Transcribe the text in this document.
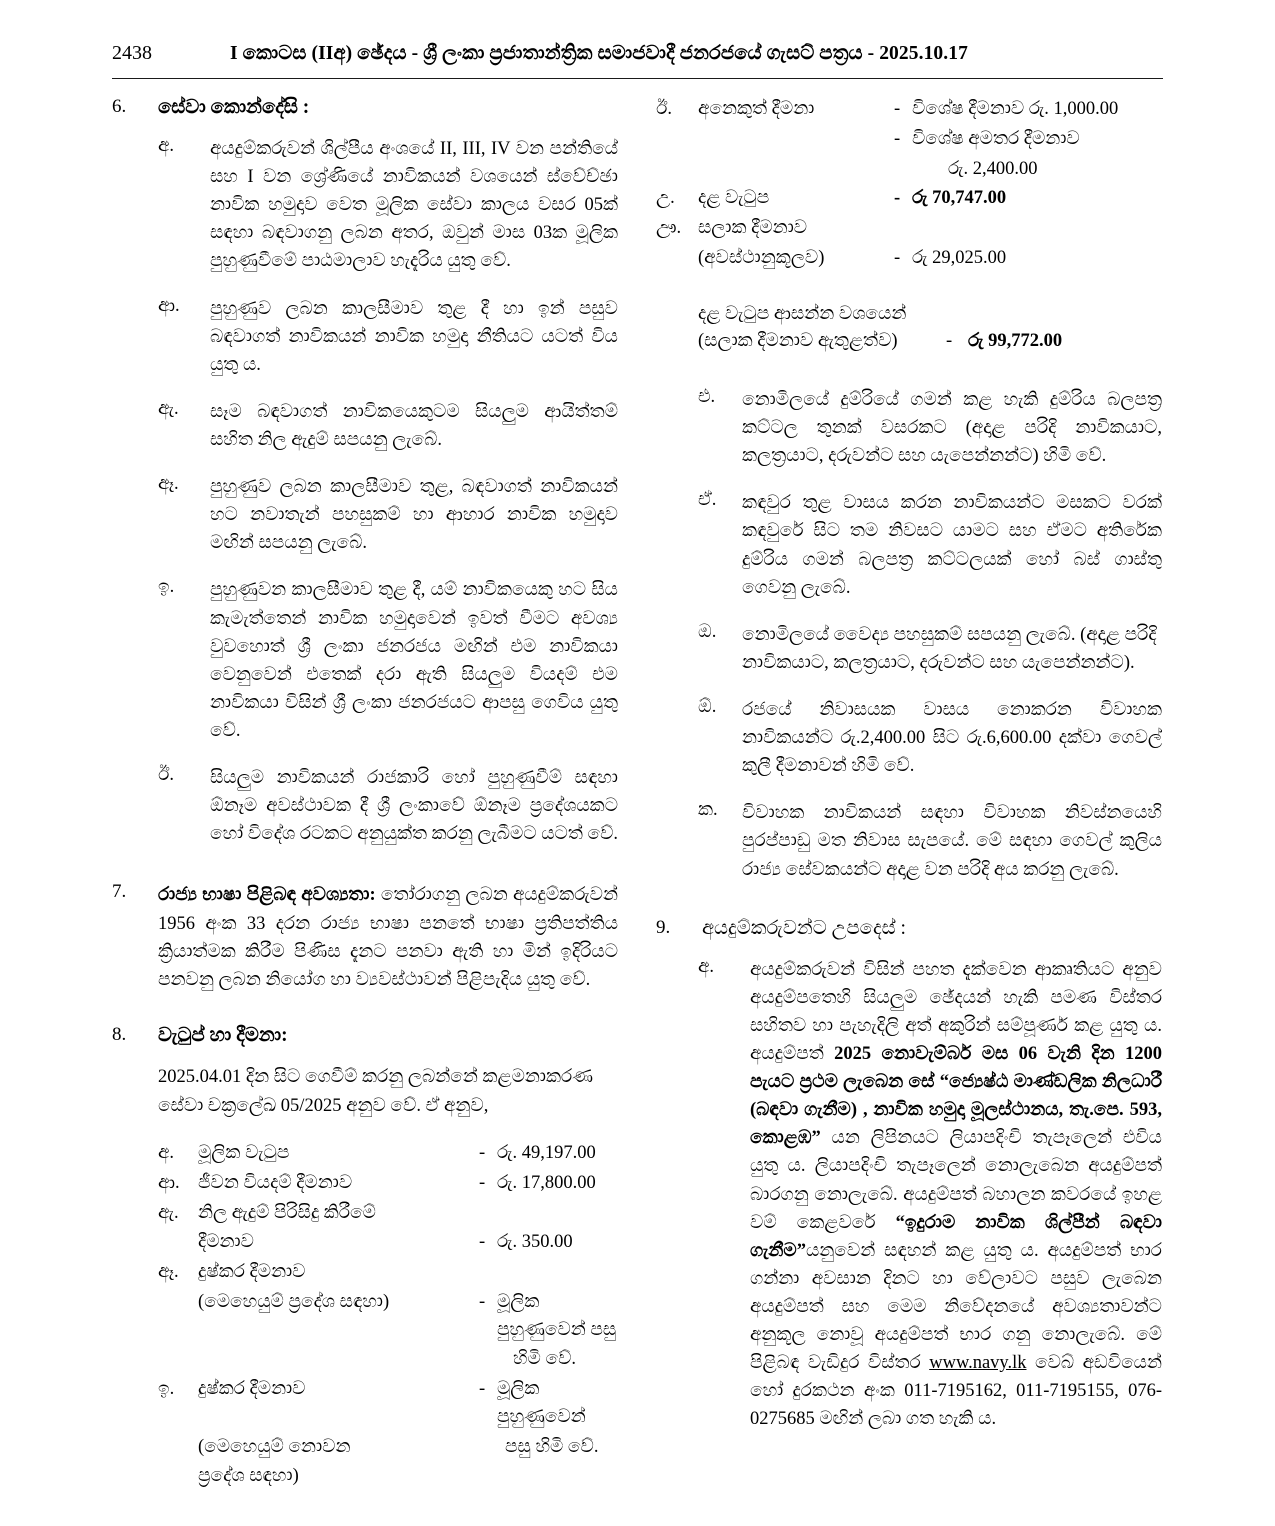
2438	I කොටස (IIඅ) ඡේදය - ශ්‍රී ලංකා ප්‍රජාතාන්ත්‍රික සමාජවාදී ජනරජයේ ගැසට් පත්‍රය - 2025.10.17
6.	සේවා කොන්දේසි :
අ.	අයදුම්කරුවන් ශිල්පීය අංශයේ II, III, IV වන පන්තියේ සහ I වන ශ්‍රේණියේ නාවිකයන් වශයෙන් ස්වේච්ඡා නාවික හමුදාව වෙත මූලික සේවා කාලය වසර 05ක් සඳහා බඳවාගනු ලබන අතර, ඔවුන් මාස 03ක මූලික පුහුණුවීමේ පාඨමාලාව හැදැරිය යුතු වේ.
ආ.	පුහුණුව ලබන කාලසීමාව තුළ දී හා ඉන් පසුව බඳවාගත් නාවිකයන් නාවික හමුදා නීතියට යටත් විය යුතු ය.
ඇ.	සෑම බඳවාගත් නාවිකයෙකුටම සියලුම ආයිත්තම් සහිත නිල ඇදුම් සපයනු ලැබේ.
ඈ.	පුහුණුව ලබන කාලසීමාව තුළ, බඳවාගත් නාවිකයන් හට නවාතැන් පහසුකම් හා ආහාර නාවික හමුදාව මඟින් සපයනු ලැබේ.
ඉ.	පුහුණුවන කාලසීමාව තුළ දී, යම් නාවිකයෙකු හට සිය කැමැත්තෙන් නාවික හමුදාවෙන් ඉවත් වීමට අවශ්‍ය වුවහොත් ශ්‍රී ලංකා ජනරජය මඟින් එම නාවිකයා වෙනුවෙන් එතෙක් දරා ඇති සියලුම වියදම් එම නාවිකයා විසින් ශ්‍රී ලංකා ජනරජයට ආපසු ගෙවිය යුතු වේ.
ඊ.	සියලුම නාවිකයන් රාජකාරි හෝ පුහුණුවීම් සඳහා ඕනෑම අවස්ථාවක දී ශ්‍රී ලංකාවේ ඕනෑම ප්‍රදේශයකට හෝ විදේශ රටකට අනුයුක්ත කරනු ලැබීමට යටත් වේ.
7.	රාජ්‍ය භාෂා පිළිබඳ අවශ්‍යතා: තෝරාගනු ලබන අයදුම්කරුවන් 1956 අංක 33 දරන රාජ්‍ය භාෂා පනතේ භාෂා ප්‍රතිපත්තිය ක්‍රියාත්මක කිරීම පිණිස දැනට පනවා ඇති හා මින් ඉදිරියට පනවනු ලබන නියෝග හා ව්‍යවස්ථාවන් පිළිපැදිය යුතු වේ.
8.	වැටුප් හා දීමනා:
2025.04.01 දින සිට ගෙවීම් කරනු ලබන්නේ කළමනාකරණ සේවා චක්‍රලේඛ 05/2025 අනුව වේ. ඒ අනුව,
අ.	මූලික වැටුප	- රු. 49,197.00
ආ. ජීවන වියදම් දීමනාව	- රු. 17,800.00
ඇ.	නිල ඇදුම් පිරිසිදු කිරීමේ
දීමනාව	- රු. 350.00
ඈ.	දුෂ්කර දීමනාව
(මෙහෙයුම් ප්‍රදේශ සඳහා)	- මූලික පුහුණුවෙන් පසු
හිමි වේ.
ඉ.	දුෂ්කර දීමනාව	- මූලික පුහුණුවෙන්
(මෙහෙයුම් නොවන	පසු හිමි වේ.
ප්‍රදේශ සඳහා)
ඊ.	අනෙකුත් දීමනා	- විශේෂ දීමනාව රු. 1,000.00
- විශේෂ අමතර දීමනාව
රු. 2,400.00
උ.	දළ වැටුප	- රු 70,747.00
ඌ. සලාක දීමනාව
(අවස්ථානුකූලව)	- රු 29,025.00
දළ වැටුප ආසන්න වශයෙන්
(සලාක දීමනාව ඇතුළත්ව)	- රු 99,772.00
එ.	නොමිලයේ දුම්රියේ ගමන් කළ හැකි දුම්රිය බලපත්‍ර කට්ටල තුනක් වසරකට (අදාළ පරිදි නාවිකයාට, කලත්‍රයාට, දරුවන්ට සහ යැපෙන්නන්ට) හිමි වේ.
ඒ.	කඳවුර තුළ වාසය කරන නාවිකයන්ට මසකට වරක් කඳවුරේ සිට තම නිවසට යාමට සහ ඒමට අතිරේක දුම්රිය ගමන් බලපත්‍ර කට්ටලයක් හෝ බස් ගාස්තු ගෙවනු ලැබේ.
ඔ.	නොමිලයේ වෛද්‍ය පහසුකම් සපයනු ලැබේ. (අදාළ පරිදි නාවිකයාට, කලත්‍රයාට, දරුවන්ට සහ යැපෙන්නන්ට).
ඕ.	රජයේ නිවාසයක වාසය නොකරන විවාහක නාවිකයන්ට රු.2,400.00 සිට රු.6,600.00 දක්වා ගෙවල් කුලී දීමනාවන් හිමි වේ.
ක.	විවාහක නාවිකයන් සඳහා විවාහක නිවස්නයෙහි පුරප්පාඩු මත නිවාස සැපයේ. මේ සඳහා ගෙවල් කුලිය රාජ්‍ය සේවකයන්ට අදාළ වන පරිදි අය කරනු ලැබේ.
9.	අයදුම්කරුවන්ට උපදෙස් :
අ.	අයදුම්කරුවන් විසින් පහත දැක්වෙන ආකෘතියට අනුව අයදුම්පතෙහි සියලුම ඡේදයන් හැකි පමණ විස්තර සහිතව හා පැහැදිලි අත් අකුරින් සම්පූර්ණ කළ යුතු ය. අයදුම්පත් 2025 නොවැම්බර් මස 06 වැනි දින 1200 පැයට ප්‍රථම ලැබෙන සේ “ජ්‍යෙෂ්ඨ මාණ්ඩලික නිලධාරී (බඳවා ගැනීම) , නාවික හමුදා මූලස්ථානය, තැ.පෙ. 593, කොළඹ” යන ලිපිනයට ලියාපදිංචි තැපෑලෙන් එවිය යුතු ය. ලියාපදිංචි තැපෑලෙන් නොලැබෙන අයදුම්පත් බාරගනු නොලැබේ. අයදුම්පත් බහාලන කවරයේ ඉහළ වම් කෙළවරේ “ඉදුරාම නාවික ශිල්පීන් බඳවා ගැනීම”යනුවෙන් සඳහන් කළ යුතු ය. අයදුම්පත් භාර ගන්නා අවසාන දිනට හා වේලාවට පසුව ලැබෙන අයදුම්පත් සහ මෙම නිවේදනයේ අවශ්‍යතාවන්ට අනුකූල නොවූ අයදුම්පත් භාර ගනු නොලැබේ. මේ පිළිබඳ වැඩිදුර විස්තර www.navy.lk වෙබ් අඩවියෙන් හෝ දුරකථන අංක 011-7195162, 011-7195155, 076-0275685 මඟින් ලබා ගත හැකි ය.
